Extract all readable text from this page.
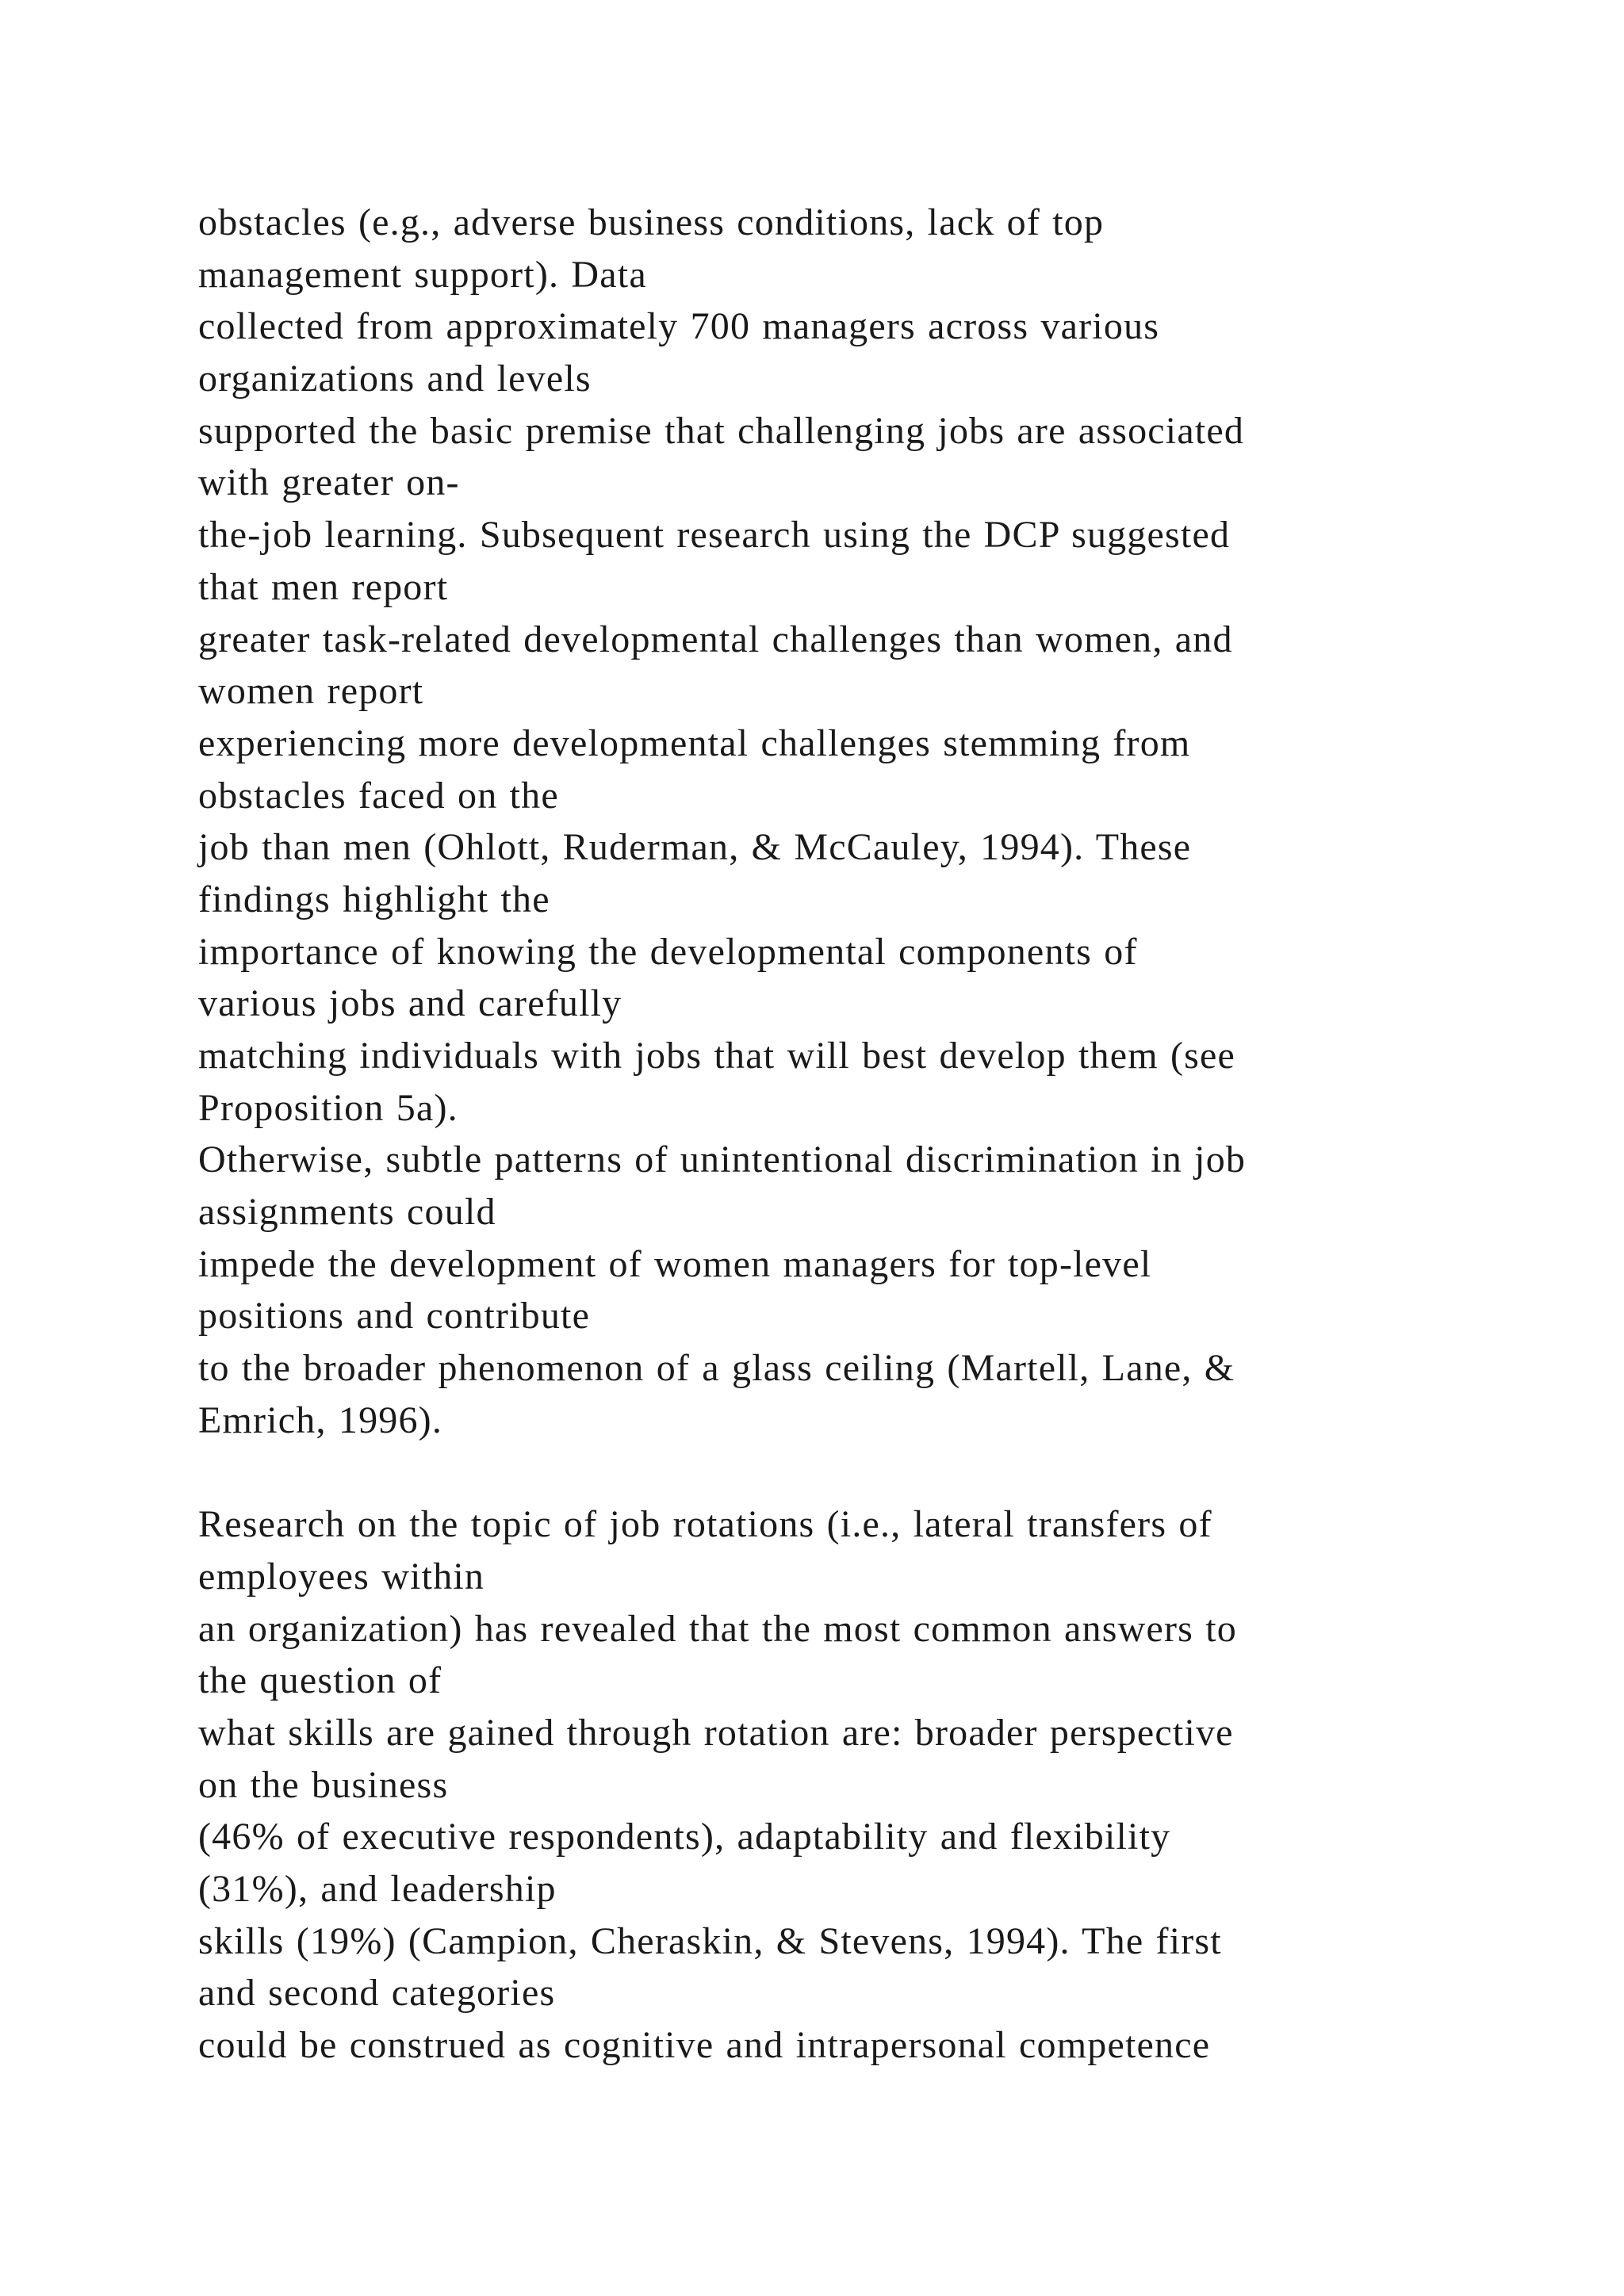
obstacles (e.g., adverse business conditions, lack of top
management support). Data
collected from approximately 700 managers across various
organizations and levels
supported the basic premise that challenging jobs are associated
with greater on-
the-job learning. Subsequent research using the DCP suggested
that men report
greater task-related developmental challenges than women, and
women report
experiencing more developmental challenges stemming from
obstacles faced on the
job than men (Ohlott, Ruderman, & McCauley, 1994). These
findings highlight the
importance of knowing the developmental components of
various jobs and carefully
matching individuals with jobs that will best develop them (see
Proposition 5a).
Otherwise, subtle patterns of unintentional discrimination in job
assignments could
impede the development of women managers for top-level
positions and contribute
to the broader phenomenon of a glass ceiling (Martell, Lane, &
Emrich, 1996).
Research on the topic of job rotations (i.e., lateral transfers of
employees within
an organization) has revealed that the most common answers to
the question of
what skills are gained through rotation are: broader perspective
on the business
(46% of executive respondents), adaptability and flexibility
(31%), and leadership
skills (19%) (Campion, Cheraskin, & Stevens, 1994). The first
and second categories
could be construed as cognitive and intrapersonal competence
